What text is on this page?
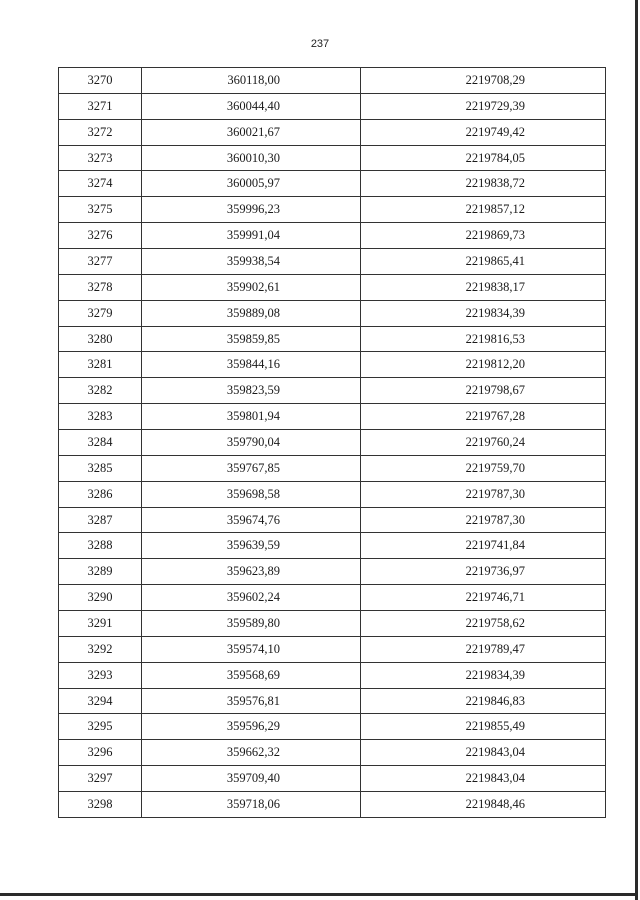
237
3270	360118,00	2219708,29
3271	360044,40	2219729,39
3272	360021,67	2219749,42
3273	360010,30	2219784,05
3274	360005,97	2219838,72
3275	359996,23	2219857,12
3276	359991,04	2219869,73
3277	359938,54	2219865,41
3278	359902,61	2219838,17
3279	359889,08	2219834,39
3280	359859,85	2219816,53
3281	359844,16	2219812,20
3282	359823,59	2219798,67
3283	359801,94	2219767,28
3284	359790,04	2219760,24
3285	359767,85	2219759,70
3286	359698,58	2219787,30
3287	359674,76	2219787,30
3288	359639,59	2219741,84
3289	359623,89	2219736,97
3290	359602,24	2219746,71
3291	359589,80	2219758,62
3292	359574,10	2219789,47
3293	359568,69	2219834,39
3294	359576,81	2219846,83
3295	359596,29	2219855,49
3296	359662,32	2219843,04
3297	359709,40	2219843,04
3298	359718,06	2219848,46
